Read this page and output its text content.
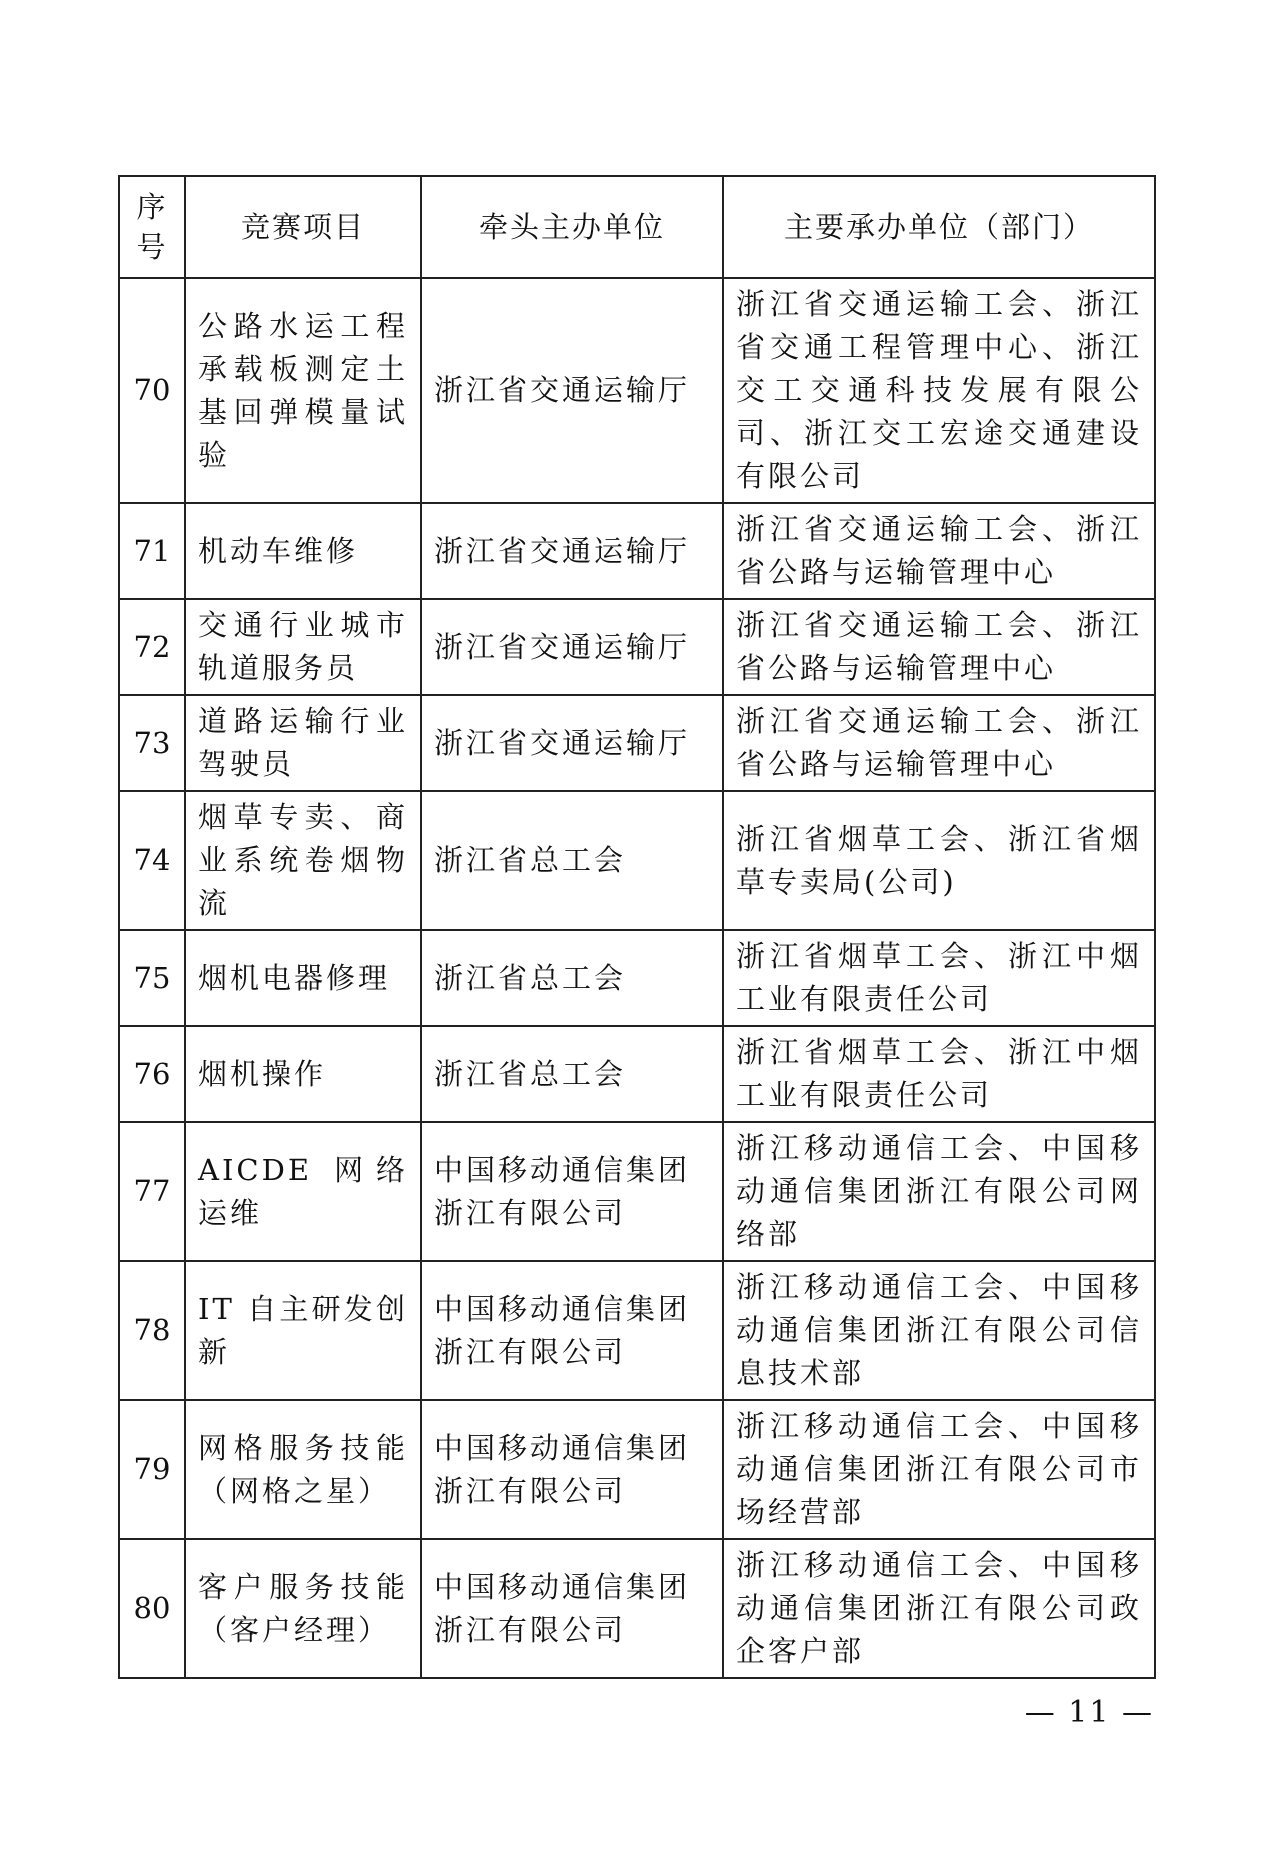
序号	竞赛项目	牵头主办单位	主要承办单位（部门）
70	公路水运工程承载板测定土基回弹模量试验	浙江省交通运输厅	浙江省交通运输工会、浙江省交通工程管理中心、浙江交工交通科技发展有限公司、浙江交工宏途交通建设有限公司
71	机动车维修	浙江省交通运输厅	浙江省交通运输工会、浙江省公路与运输管理中心
72	交通行业城市轨道服务员	浙江省交通运输厅	浙江省交通运输工会、浙江省公路与运输管理中心
73	道路运输行业驾驶员	浙江省交通运输厅	浙江省交通运输工会、浙江省公路与运输管理中心
74	烟草专卖、商业系统卷烟物流	浙江省总工会	浙江省烟草工会、浙江省烟草专卖局(公司)
75	烟机电器修理	浙江省总工会	浙江省烟草工会、浙江中烟工业有限责任公司
76	烟机操作	浙江省总工会	浙江省烟草工会、浙江中烟工业有限责任公司
77	AICDE 网络运维	中国移动通信集团浙江有限公司	浙江移动通信工会、中国移动通信集团浙江有限公司网络部
78	IT 自主研发创新	中国移动通信集团浙江有限公司	浙江移动通信工会、中国移动通信集团浙江有限公司信息技术部
79	网格服务技能（网格之星）	中国移动通信集团浙江有限公司	浙江移动通信工会、中国移动通信集团浙江有限公司市场经营部
80	客户服务技能（客户经理）	中国移动通信集团浙江有限公司	浙江移动通信工会、中国移动通信集团浙江有限公司政企客户部
— 11 —
